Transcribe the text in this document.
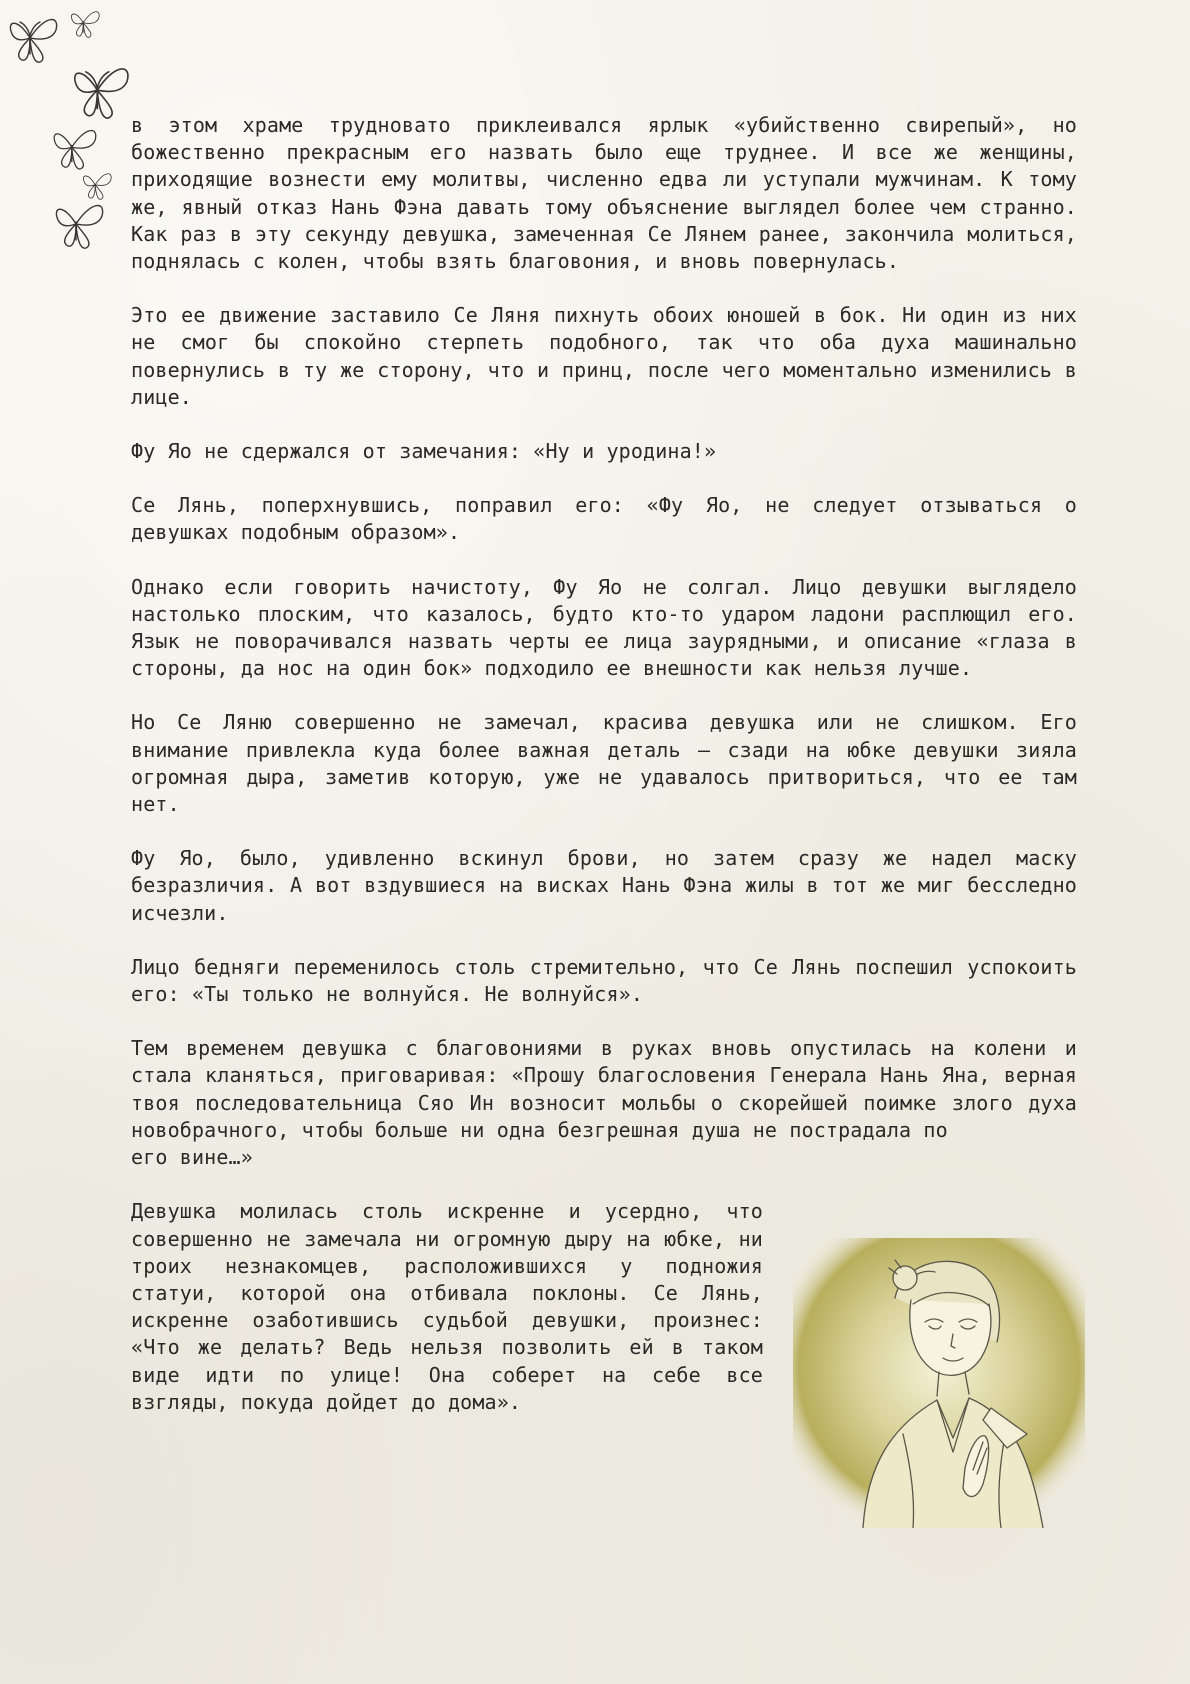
в этом храме трудновато приклеивался ярлык «убийственно свирепый», но божественно прекрасным его назвать было еще труднее. И все же женщины, приходящие вознести ему молитвы, численно едва ли уступали мужчинам. К тому же, явный отказ Нань Фэна давать тому объяснение выглядел более чем странно. Как раз в эту секунду девушка, замеченная Се Лянем ранее, закончила молиться, поднялась с колен, чтобы взять благовония, и вновь повернулась.

Это ее движение заставило Се Ляня пихнуть обоих юношей в бок. Ни один из них не смог бы спокойно стерпеть подобного, так что оба духа машинально повернулись в ту же сторону, что и принц, после чего моментально изменились в лице.

Фу Яо не сдержался от замечания: «Ну и уродина!»

Се Лянь, поперхнувшись, поправил его: «Фу Яо, не следует отзываться о девушках подобным образом».

Однако если говорить начистоту, Фу Яо не солгал. Лицо девушки выглядело настолько плоским, что казалось, будто кто-то ударом ладони расплющил его. Язык не поворачивался назвать черты ее лица заурядными, и описание «глаза в стороны, да нос на один бок» подходило ее внешности как нельзя лучше.

Но Се Ляню совершенно не замечал, красива девушка или не слишком. Его внимание привлекла куда более важная деталь — сзади на юбке девушки зияла огромная дыра, заметив которую, уже не удавалось притвориться, что ее там нет.

Фу Яо, было, удивленно вскинул брови, но затем сразу же надел маску безразличия. А вот вздувшиеся на висках Нань Фэна жилы в тот же миг бесследно исчезли.

Лицо бедняги переменилось столь стремительно, что Се Лянь поспешил успокоить его: «Ты только не волнуйся. Не волнуйся».

Тем временем девушка с благовониями в руках вновь опустилась на колени и стала кланяться, приговаривая: «Прошу благословения Генерала Нань Яна, верная твоя последовательница Сяо Ин возносит мольбы о скорейшей поимке злого духа новобрачного, чтобы больше ни одна безгрешная душа не пострадала по

его вине…»

Девушка молилась столь искренне и усердно, что совершенно не замечала ни огромную дыру на юбке, ни троих незнакомцев, расположившихся у подножия статуи, которой она отбивала поклоны. Се Лянь, искренне озаботившись судьбой девушки, произнес: «Что же делать? Ведь нельзя позволить ей в таком виде идти по улице! Она соберет на себе все взгляды, покуда дойдет до дома».
